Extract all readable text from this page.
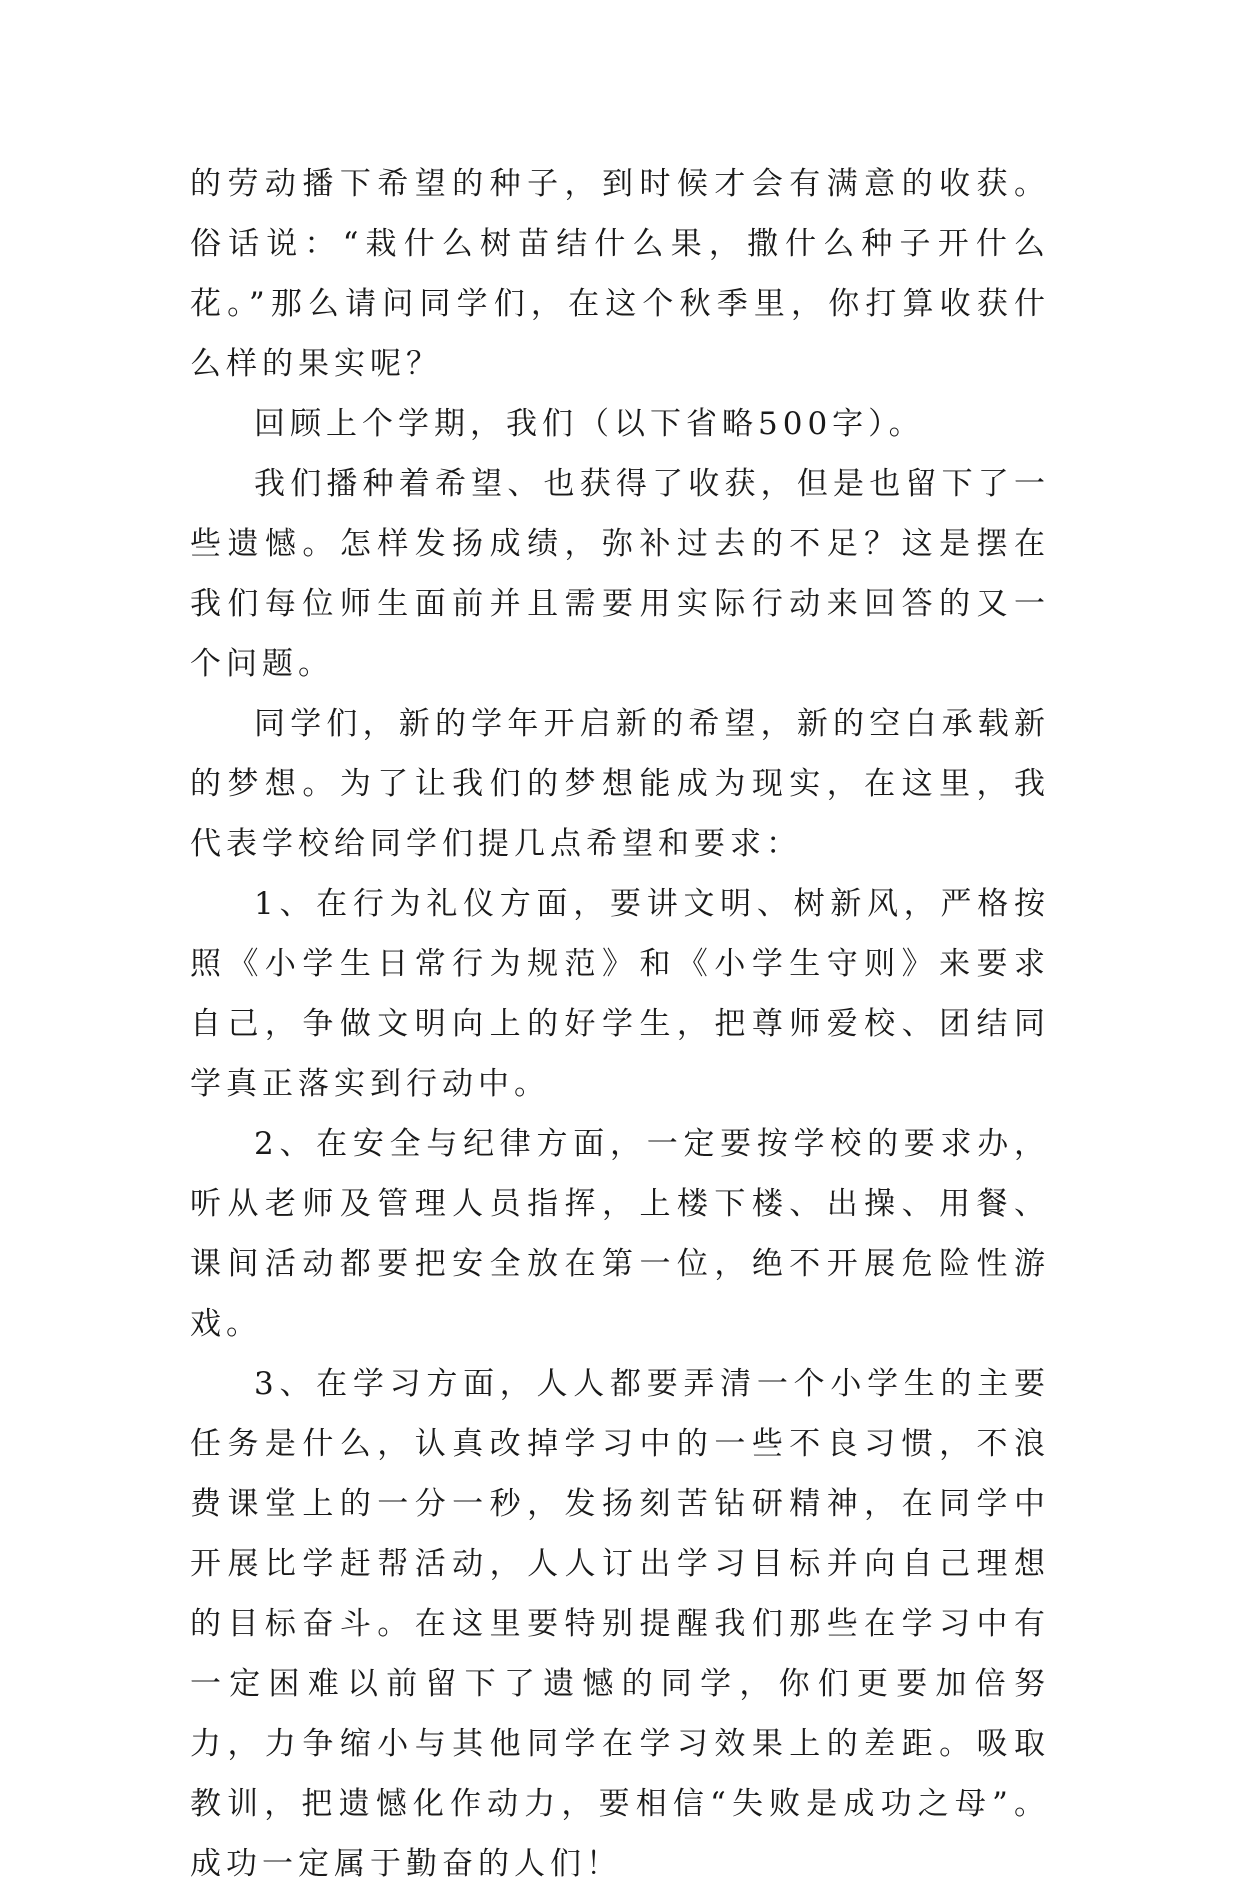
的劳动播下希望的种子，到时候才会有满意的收获。俗话说：“栽什么树苗结什么果，撒什么种子开什么花。”那么请问同学们，在这个秋季里，你打算收获什么样的果实呢？

回顾上个学期，我们（以下省略500字）。

我们播种着希望、也获得了收获，但是也留下了一些遗憾。怎样发扬成绩，弥补过去的不足？这是摆在我们每位师生面前并且需要用实际行动来回答的又一个问题。

同学们，新的学年开启新的希望，新的空白承载新的梦想。为了让我们的梦想能成为现实，在这里，我代表学校给同学们提几点希望和要求：

1、在行为礼仪方面，要讲文明、树新风，严格按照《小学生日常行为规范》和《小学生守则》来要求自己，争做文明向上的好学生，把尊师爱校、团结同学真正落实到行动中。

2、在安全与纪律方面，一定要按学校的要求办，听从老师及管理人员指挥，上楼下楼、出操、用餐、课间活动都要把安全放在第一位，绝不开展危险性游戏。

3、在学习方面，人人都要弄清一个小学生的主要任务是什么，认真改掉学习中的一些不良习惯，不浪费课堂上的一分一秒，发扬刻苦钻研精神，在同学中开展比学赶帮活动，人人订出学习目标并向自己理想的目标奋斗。在这里要特别提醒我们那些在学习中有一定困难以前留下了遗憾的同学，你们更要加倍努力，力争缩小与其他同学在学习效果上的差距。吸取教训，把遗憾化作动力，要相信“失败是成功之母”。成功一定属于勤奋的人们！
